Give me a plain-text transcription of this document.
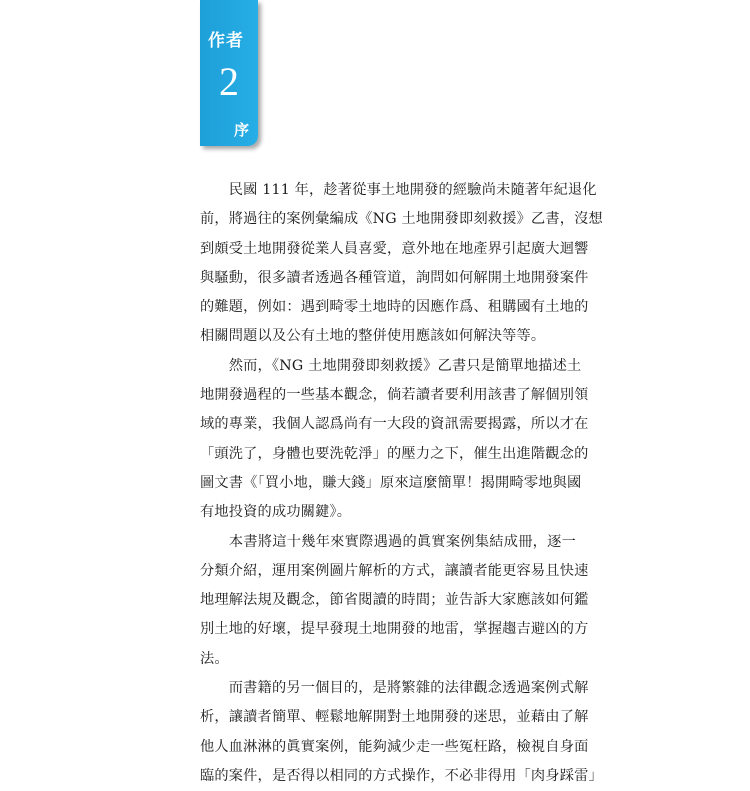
作者
2
序
　　民國 111 年，趁著從事土地開發的經驗尚未隨著年紀退化
前，將過往的案例彙編成《NG 土地開發即刻救援》乙書，沒想
到頗受土地開發從業人員喜愛，意外地在地產界引起廣大迴響
與騷動，很多讀者透過各種管道，詢問如何解開土地開發案件
的難題，例如：遇到畸零土地時的因應作爲、租購國有土地的
相關問題以及公有土地的整併使用應該如何解決等等。
　　然而，《NG 土地開發即刻救援》乙書只是簡單地描述土
地開發過程的一些基本觀念，倘若讀者要利用該書了解個別領
域的專業，我個人認爲尚有一大段的資訊需要揭露，所以才在
「頭洗了，身體也要洗乾淨」的壓力之下，催生出進階觀念的
圖文書《「買小地，賺大錢」原來這麼簡單！揭開畸零地與國
有地投資的成功關鍵》。
　　本書將這十幾年來實際遇過的眞實案例集結成冊，逐一
分類介紹，運用案例圖片解析的方式，讓讀者能更容易且快速
地理解法規及觀念，節省閱讀的時間；並告訴大家應該如何鑑
別土地的好壞，提早發現土地開發的地雷，掌握趨吉避凶的方
法。
　　而書籍的另一個目的，是將繁雜的法律觀念透過案例式解
析，讓讀者簡單、輕鬆地解開對土地開發的迷思，並藉由了解
他人血淋淋的眞實案例，能夠減少走一些冤枉路，檢視自身面
臨的案件，是否得以相同的方式操作，不必非得用「肉身踩雷」
